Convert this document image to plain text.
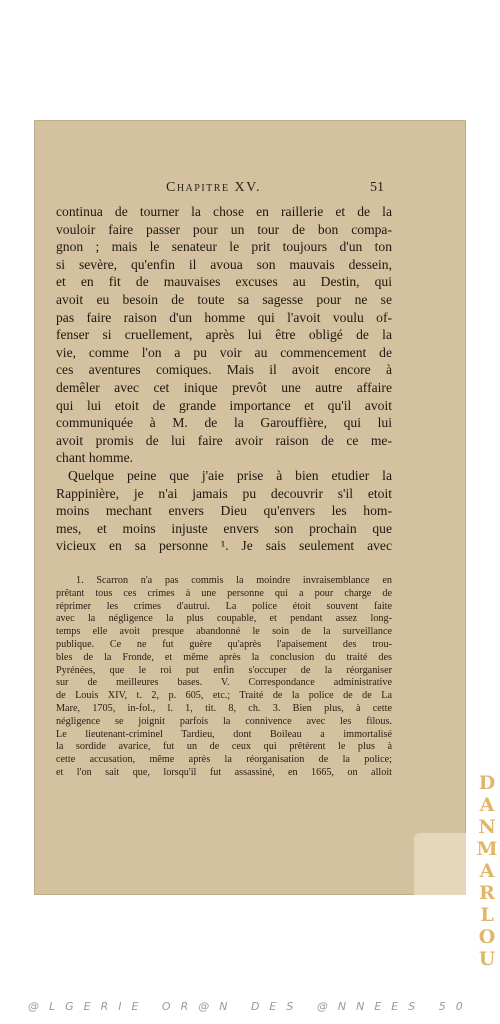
Chapitre XV.	51
continua de tourner la chose en raillerie et de la
vouloir faire passer pour un tour de bon compa-
gnon ; mais le senateur le prit toujours d'un ton
si sevère, qu'enfin il avoua son mauvais dessein,
et en fit de mauvaises excuses au Destin, qui
avoit eu besoin de toute sa sagesse pour ne se
pas faire raison d'un homme qui l'avoit voulu of-
fenser si cruellement, après lui être obligé de la
vie, comme l'on a pu voir au commencement de
ces aventures comiques. Mais il avoit encore à
demêler avec cet inique prevôt une autre affaire
qui lui etoit de grande importance et qu'il avoit
communiquée à M. de la Garouffière, qui lui
avoit promis de lui faire avoir raison de ce me-
chant homme.
Quelque peine que j'aie prise à bien etudier la
Rappinière, je n'ai jamais pu decouvrir s'il etoit
moins mechant envers Dieu qu'envers les hom-
mes, et moins injuste envers son prochain que
vicieux en sa personne ¹. Je sais seulement avec
1. Scarron n'a pas commis la moindre invraisemblance en
prêtant tous ces crimes à une personne qui a pour charge de
réprimer les crimes d'autrui. La police étoit souvent faite
avec la négligence la plus coupable, et pendant assez long-
temps elle avoit presque abandonné le soin de la surveillance
publique. Ce ne fut guère qu'après l'apaisement des trou-
bles de la Fronde, et même après la conclusion du traité des
Pyrénées, que le roi put enfin s'occuper de la réorganiser
sur de meilleures bases. V. Correspondance administrative
de Louis XIV, t. 2, p. 605, etc.; Traité de la police de de La
Mare, 1705, in-fol., l. 1, tit. 8, ch. 3. Bien plus, à cette
négligence se joignit parfois la connivence avec les filous.
Le lieutenant-criminel Tardieu, dont Boileau a immortalisé
la sordide avarice, fut un de ceux qui prêtèrent le plus à
cette accusation, même après la réorganisation de la police;
et l'on sait que, lorsqu'il fut assassiné, en 1665, on alloit	D
A
N
M
A
R
L
O
U
@LGERIE OR@N DES @NNEES 50
